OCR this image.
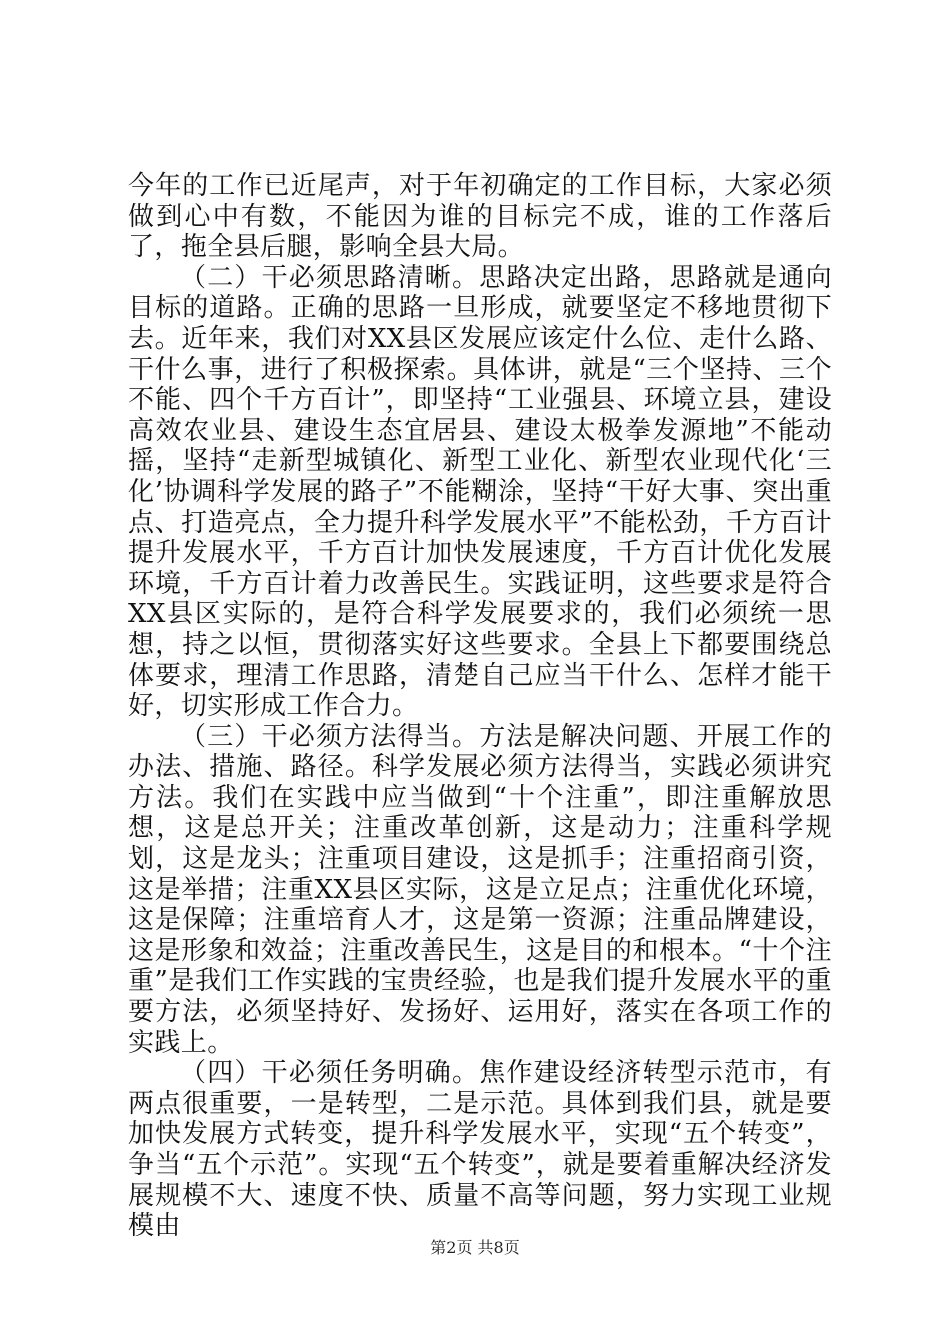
今年的工作已近尾声，对于年初确定的工作目标，大家必须做到心中有数，不能因为谁的目标完不成，谁的工作落后了，拖全县后腿，影响全县大局。

（二）干必须思路清晰。思路决定出路，思路就是通向目标的道路。正确的思路一旦形成，就要坚定不移地贯彻下去。近年来，我们对XX县区发展应该定什么位、走什么路、干什么事，进行了积极探索。具体讲，就是“三个坚持、三个不能、四个千方百计”，即坚持“工业强县、环境立县，建设高效农业县、建设生态宜居县、建设太极拳发源地”不能动摇，坚持“走新型城镇化、新型工业化、新型农业现代化‘三化’协调科学发展的路子”不能糊涂，坚持“干好大事、突出重点、打造亮点，全力提升科学发展水平”不能松劲，千方百计提升发展水平，千方百计加快发展速度，千方百计优化发展环境，千方百计着力改善民生。实践证明，这些要求是符合XX县区实际的，是符合科学发展要求的，我们必须统一思想，持之以恒，贯彻落实好这些要求。全县上下都要围绕总体要求，理清工作思路，清楚自己应当干什么、怎样才能干好，切实形成工作合力。

（三）干必须方法得当。方法是解决问题、开展工作的办法、措施、路径。科学发展必须方法得当，实践必须讲究方法。我们在实践中应当做到“十个注重”，即注重解放思想，这是总开关；注重改革创新，这是动力；注重科学规划，这是龙头；注重项目建设，这是抓手；注重招商引资，这是举措；注重XX县区实际，这是立足点；注重优化环境，这是保障；注重培育人才，这是第一资源；注重品牌建设，这是形象和效益；注重改善民生，这是目的和根本。“十个注重”是我们工作实践的宝贵经验，也是我们提升发展水平的重要方法，必须坚持好、发扬好、运用好，落实在各项工作的实践上。

（四）干必须任务明确。焦作建设经济转型示范市，有两点很重要，一是转型，二是示范。具体到我们县，就是要加快发展方式转变，提升科学发展水平，实现“五个转变”，争当“五个示范”。实现“五个转变”，就是要着重解决经济发展规模不大、速度不快、质量不高等问题，努力实现工业规模由

第2页 共8页
